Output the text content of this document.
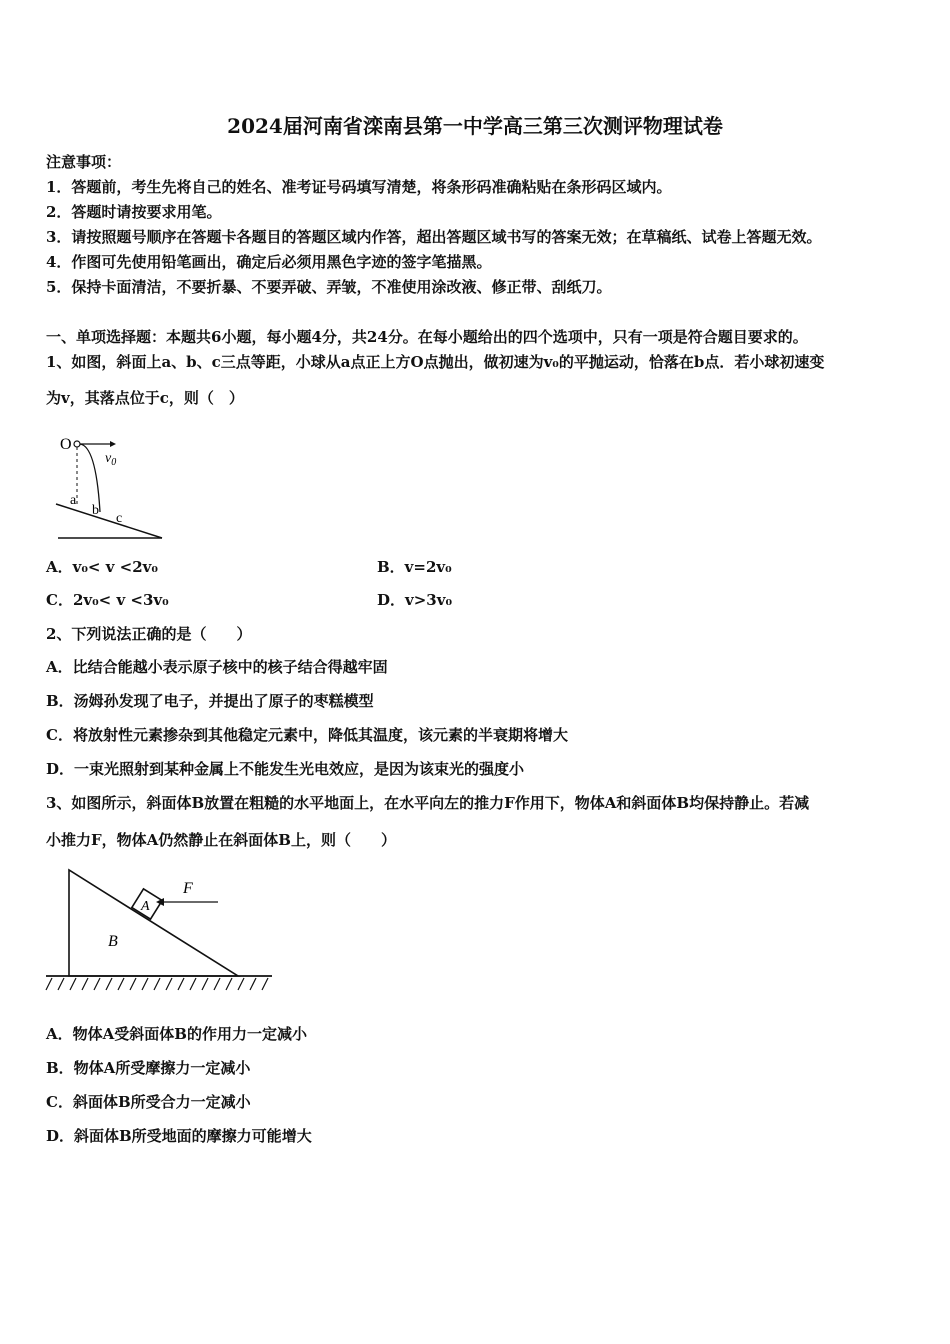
2024届河南省滦南县第一中学高三第三次测评物理试卷
注意事项：
1．答题前，考生先将自己的姓名、准考证号码填写清楚，将条形码准确粘贴在条形码区域内。
2．答题时请按要求用笔。
3．请按照题号顺序在答题卡各题目的答题区域内作答，超出答题区域书写的答案无效；在草稿纸、试卷上答题无效。
4．作图可先使用铅笔画出，确定后必须用黑色字迹的签字笔描黑。
5．保持卡面清洁，不要折暴、不要弄破、弄皱，不准使用涂改液、修正带、刮纸刀。
一、单项选择题：本题共6小题，每小题4分，共24分。在每小题给出的四个选项中，只有一项是符合题目要求的。
1、如图，斜面上a、b、c三点等距，小球从a点正上方O点抛出，做初速为v₀的平抛运动，恰落在b点．若小球初速变
为v，其落点位于c，则（　）
O
$v_0$
a
b
c
A．v₀< v <2v₀	B．v=2v₀
C．2v₀< v <3v₀	D．v>3v₀
2、下列说法正确的是（　　）
A．比结合能越小表示原子核中的核子结合得越牢固
B．汤姆孙发现了电子，并提出了原子的枣糕模型
C．将放射性元素掺杂到其他稳定元素中，降低其温度，该元素的半衰期将增大
D．一束光照射到某种金属上不能发生光电效应，是因为该束光的强度小
3、如图所示，斜面体B放置在粗糙的水平地面上，在水平向左的推力F作用下，物体A和斜面体B均保持静止。若减
小推力F，物体A仍然静止在斜面体B上，则（　　）
F
A
B
A．物体A受斜面体B的作用力一定减小
B．物体A所受摩擦力一定减小
C．斜面体B所受合力一定减小
D．斜面体B所受地面的摩擦力可能增大
